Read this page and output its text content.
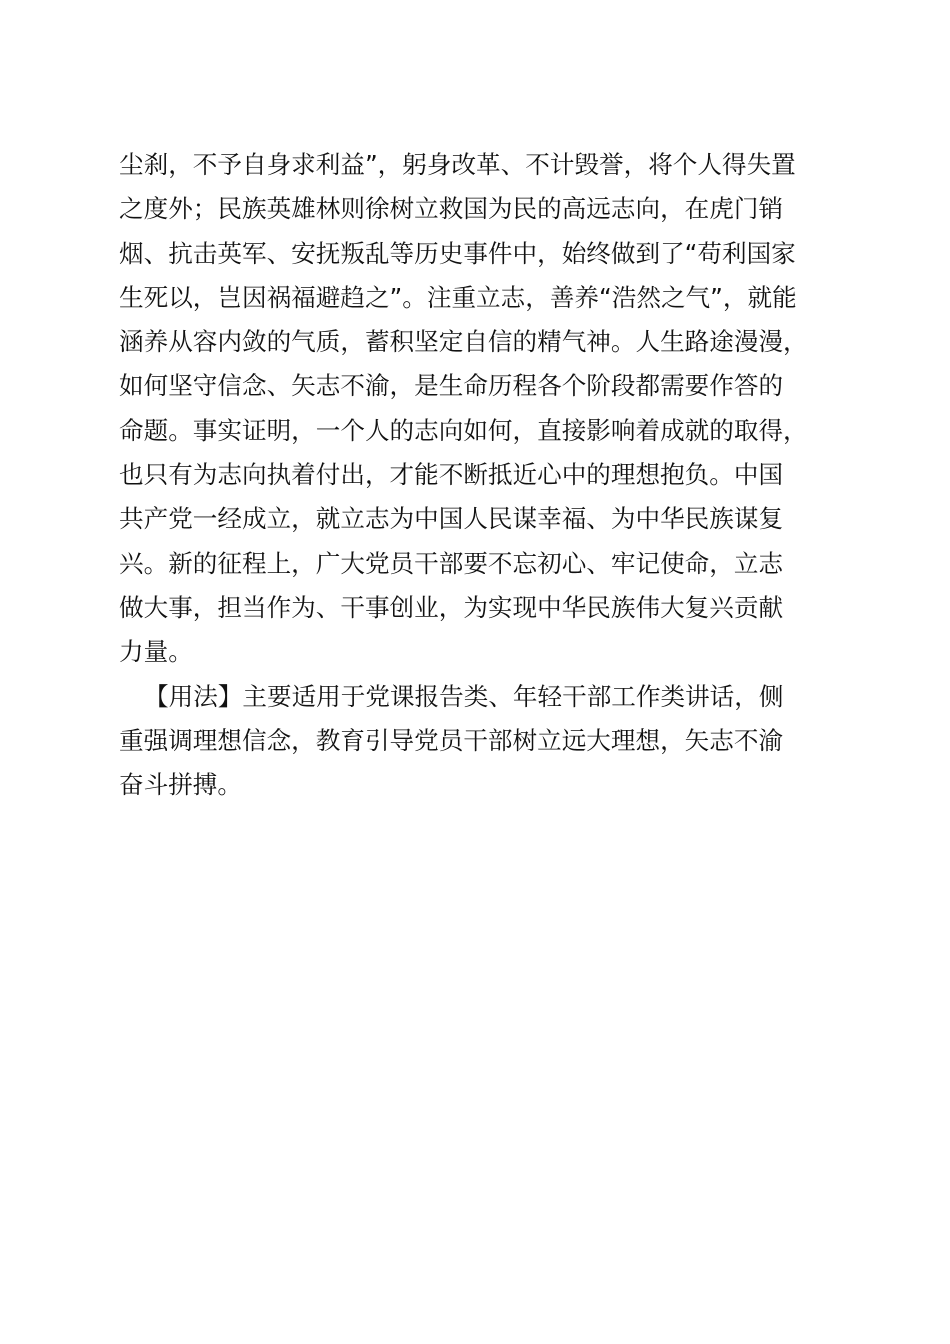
尘刹，不予自身求利益”，躬身改革、不计毁誉，将个人得失置
之度外；民族英雄林则徐树立救国为民的高远志向，在虎门销
烟、抗击英军、安抚叛乱等历史事件中，始终做到了“苟利国家
生死以，岂因祸福避趋之”。注重立志，善养“浩然之气”，就能
涵养从容内敛的气质，蓄积坚定自信的精气神。人生路途漫漫，
如何坚守信念、矢志不渝，是生命历程各个阶段都需要作答的
命题。事实证明，一个人的志向如何，直接影响着成就的取得，
也只有为志向执着付出，才能不断抵近心中的理想抱负。中国
共产党一经成立，就立志为中国人民谋幸福、为中华民族谋复
兴。新的征程上，广大党员干部要不忘初心、牢记使命，立志
做大事，担当作为、干事创业，为实现中华民族伟大复兴贡献
力量。
【用法】主要适用于党课报告类、年轻干部工作类讲话，侧
重强调理想信念，教育引导党员干部树立远大理想，矢志不渝
奋斗拼搏。
